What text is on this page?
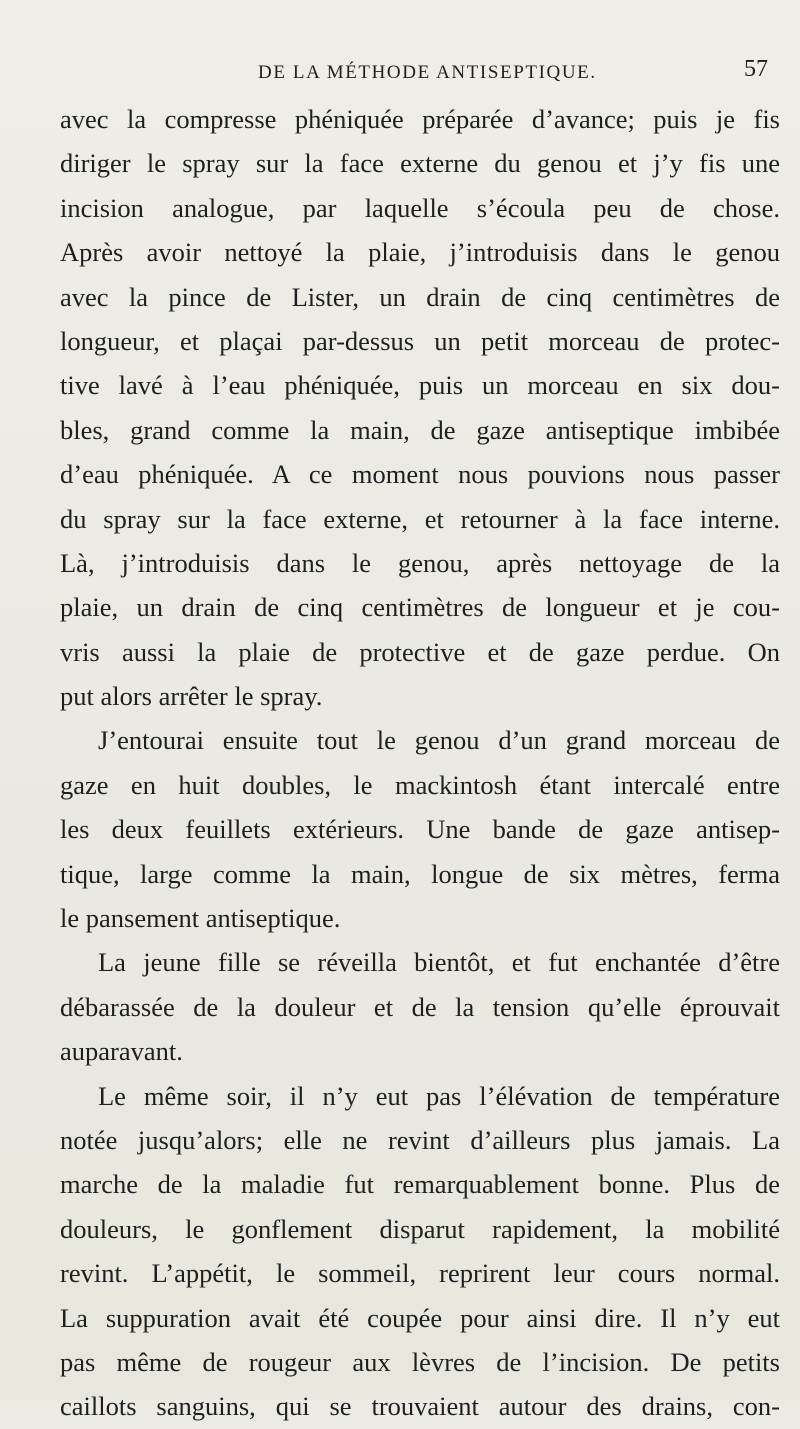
DE LA MÉTHODE ANTISEPTIQUE.	57
avec la compresse phéniquée préparée d’avance; puis je fis
diriger le spray sur la face externe du genou et j’y fis une
incision analogue, par laquelle s’écoula peu de chose.
Après avoir nettoyé la plaie, j’introduisis dans le genou
avec la pince de Lister, un drain de cinq centimètres de
longueur, et plaçai par-dessus un petit morceau de protec-
tive lavé à l’eau phéniquée, puis un morceau en six dou-
bles, grand comme la main, de gaze antiseptique imbibée
d’eau phéniquée. A ce moment nous pouvions nous passer
du spray sur la face externe, et retourner à la face interne.
Là, j’introduisis dans le genou, après nettoyage de la
plaie, un drain de cinq centimètres de longueur et je cou-
vris aussi la plaie de protective et de gaze perdue. On
put alors arrêter le spray.
J’entourai ensuite tout le genou d’un grand morceau de
gaze en huit doubles, le mackintosh étant intercalé entre
les deux feuillets extérieurs. Une bande de gaze antisep-
tique, large comme la main, longue de six mètres, ferma
le pansement antiseptique.
La jeune fille se réveilla bientôt, et fut enchantée d’être
débarassée de la douleur et de la tension qu’elle éprouvait
auparavant.
Le même soir, il n’y eut pas l’élévation de température
notée jusqu’alors; elle ne revint d’ailleurs plus jamais. La
marche de la maladie fut remarquablement bonne. Plus de
douleurs, le gonflement disparut rapidement, la mobilité
revint. L’appétit, le sommeil, reprirent leur cours normal.
La suppuration avait été coupée pour ainsi dire. Il n’y eut
pas même de rougeur aux lèvres de l’incision. De petits
caillots sanguins, qui se trouvaient autour des drains, con-
